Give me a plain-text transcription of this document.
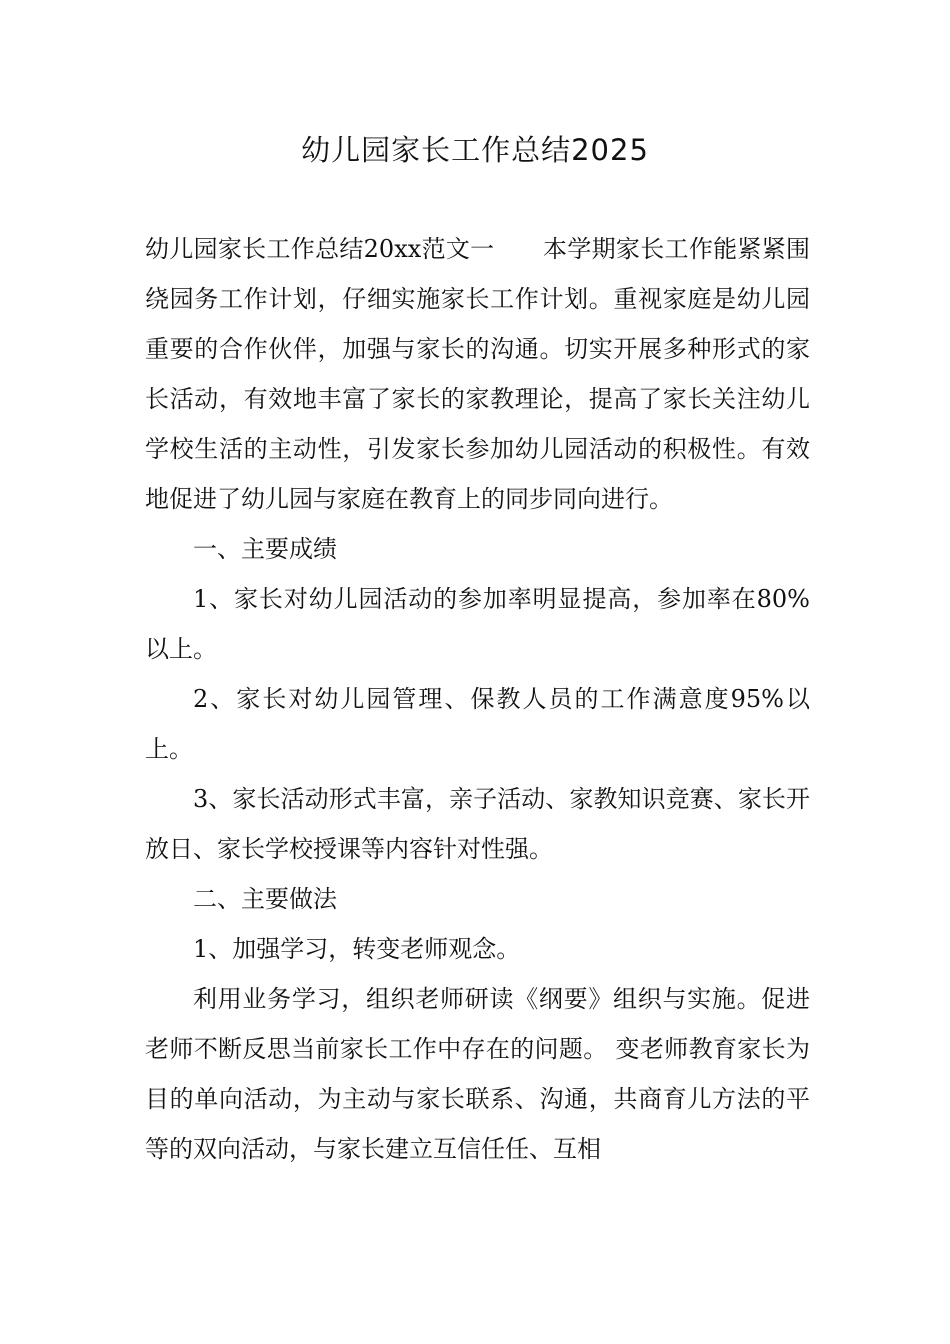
幼儿园家长工作总结2025

幼儿园家长工作总结20xx范文一　　本学期家长工作能紧紧围绕园务工作计划，仔细实施家长工作计划。重视家庭是幼儿园重要的合作伙伴，加强与家长的沟通。切实开展多种形式的家长活动，有效地丰富了家长的家教理论，提高了家长关注幼儿学校生活的主动性，引发家长参加幼儿园活动的积极性。有效地促进了幼儿园与家庭在教育上的同步同向进行。

一、主要成绩

1、家长对幼儿园活动的参加率明显提高，参加率在80%以上。

2、家长对幼儿园管理、保教人员的工作满意度95%以上。

3、家长活动形式丰富，亲子活动、家教知识竞赛、家长开放日、家长学校授课等内容针对性强。

二、主要做法

1、加强学习，转变老师观念。

利用业务学习，组织老师研读《纲要》组织与实施。促进老师不断反思当前家长工作中存在的问题。 变老师教育家长为目的单向活动，为主动与家长联系、沟通，共商育儿方法的平等的双向活动，与家长建立互信任任、互相
